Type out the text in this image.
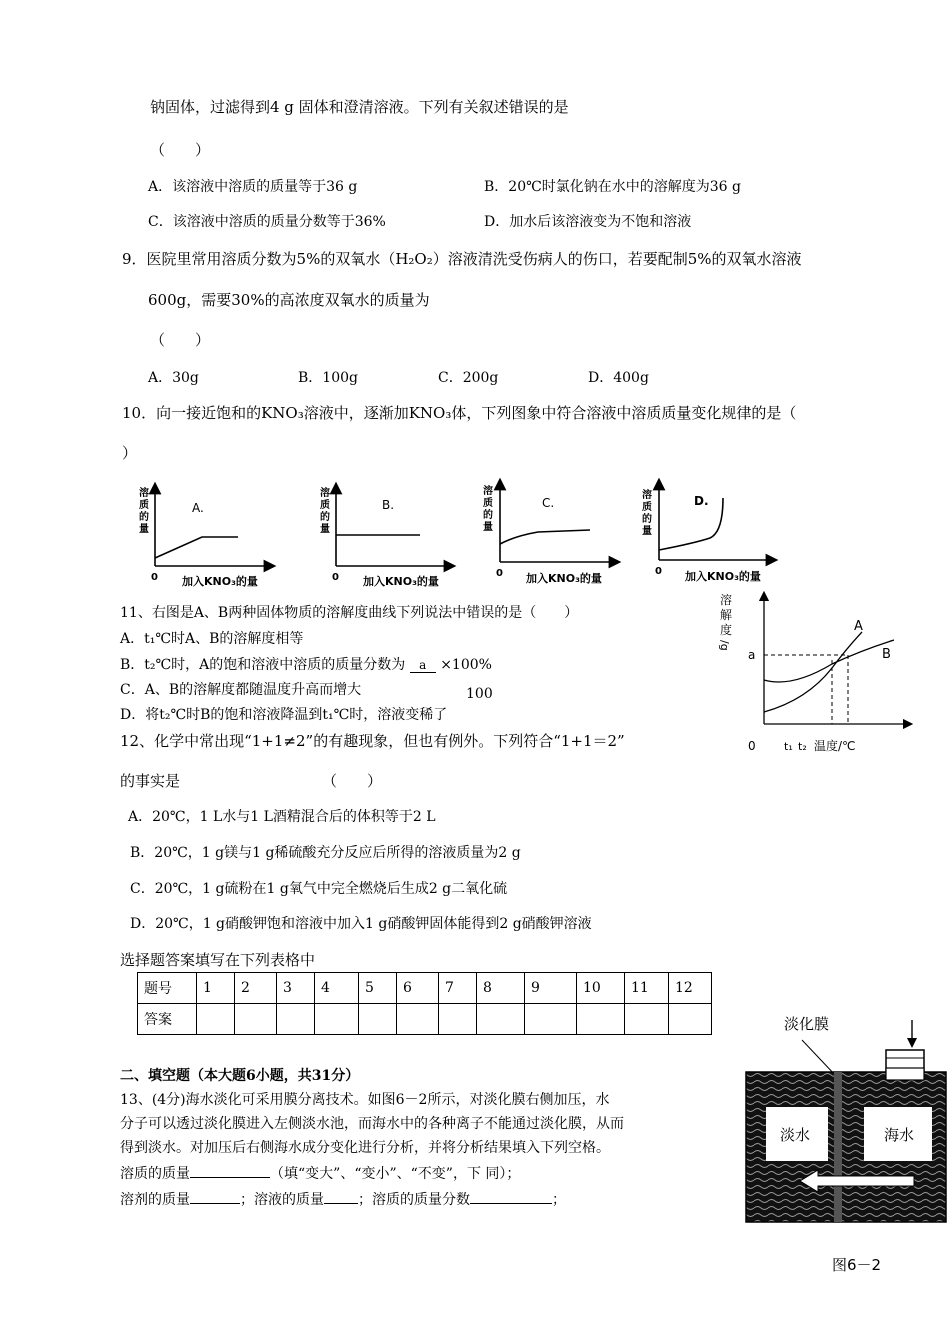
钠固体，过滤得到4 g 固体和澄清溶液。下列有关叙述错误的是
（　　）
A．该溶液中溶质的质量等于36 g	B．20℃时氯化钠在水中的溶解度为36 g
C．该溶液中溶质的质量分数等于36%	D．加水后该溶液变为不饱和溶液
9．医院里常用溶质分数为5%的双氧水（H₂O₂）溶液清洗受伤病人的伤口，若要配制5%的双氧水溶液
600g，需要30%的高浓度双氧水的质量为
（　　）
A．30g	B．100g	C．200g	D．400g
10．向一接近饱和的KNO₃溶液中，逐渐加KNO₃体，下列图象中符合溶液中溶质质量变化规律的是（
）
A.
溶
质
的
量
0 加入KNO₃的量
B.
溶
质
的
量
0 加入KNO₃的量
C.
溶
质
的
量
0 加入KNO₃的量
D.
溶
质
的
量
0 加入KNO₃的量
11、右图是A、B两种固体物质的溶解度曲线下列说法中错误的是（　　）
A．t₁℃时A、B的溶解度相等
B．t₂℃时，A的饱和溶液中溶质的质量分数为 a ×100%
100
C．A、B的溶解度都随温度升高而增大
D．将t₂℃时B的饱和溶液降温到t₁℃时，溶液变稀了
溶
解
度
/g
a
A
B
0	t₁ t₂ 温度/℃
12、化学中常出现“1+1≠2”的有趣现象，但也有例外。下列符合“1+1＝2”
的事实是	（　　）
A．20℃，1 L水与1 L酒精混合后的体积等于2 L
B．20℃，1 g镁与1 g稀硫酸充分反应后所得的溶液质量为2 g
C．20℃，1 g硫粉在1 g氧气中完全燃烧后生成2 g二氧化硫
D．20℃，1 g硝酸钾饱和溶液中加入1 g硝酸钾固体能得到2 g硝酸钾溶液
选择题答案填写在下列表格中
题号	1	2	3	4	5	6	7	8	9	10	11	12
答案												
二、填空题（本大题6小题，共31分）
13、(4分)海水淡化可采用膜分离技术。如图6－2所示，对淡化膜右侧加压，水
分子可以透过淡化膜进入左侧淡水池，而海水中的各种离子不能通过淡化膜，从而
得到淡水。对加压后右侧海水成分变化进行分析，并将分析结果填入下列空格。
溶质的质量	（填“变大”、“变小”、“不变”，下 同）；
溶剂的质量	；溶液的质量 ；溶质的质量分数	；
淡化膜
淡水	海水
图6－2
